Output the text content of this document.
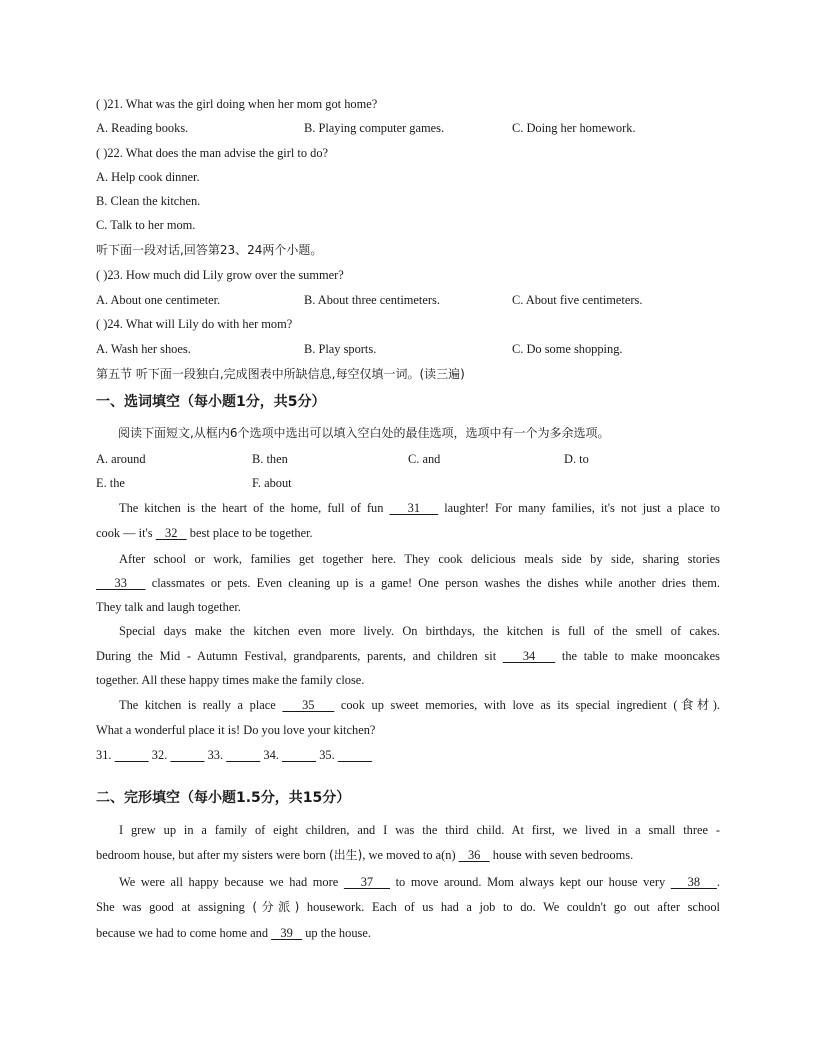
( )21. What was the girl doing when her mom got home?
A. Reading books.	B. Playing computer games.	C. Doing her homework.
( )22. What does the man advise the girl to do?
A. Help cook dinner.
B. Clean the kitchen.
C. Talk to her mom.
听下面一段对话,回答第23、24两个小题。
( )23. How much did Lily grow over the summer?
A. About one centimeter.	B. About three centimeters.	C. About five centimeters.
( )24. What will Lily do with her mom?
A. Wash her shoes.	B. Play sports.	C. Do some shopping.
第五节 听下面一段独白,完成图表中所缺信息,每空仅填一词。(读三遍)
一、选词填空（每小题1分，共5分）
阅读下面短文,从框内6个选项中选出可以填入空白处的最佳选项，选项中有一个为多余选项。
A. around	B. then	C. and	D. to
E. the	F. about
The kitchen is the heart of the home, full of fun    31    laughter! For many families, it's not just a place to
cook — it's    32    best place to be together.
After school or work, families get together here. They cook delicious meals side by side, sharing stories
33    classmates or pets. Even cleaning up is a game! One person washes the dishes while another dries them.
They talk and laugh together.
Special days make the kitchen even more lively. On birthdays, the kitchen is full of the smell of cakes.
During the Mid - Autumn Festival, grandparents, parents, and children sit    34    the table to make mooncakes
together. All these happy times make the family close.
The kitchen is really a place    35    cook up sweet memories, with love as its special ingredient (食材).
What a wonderful place it is! Do you love your kitchen?
31.	32.	33.	34.	35.
二、完形填空（每小题1.5分，共15分）
I grew up in a family of eight children, and I was the third child. At first, we lived in a small three -
bedroom house, but after my sisters were born (出生), we moved to a(n)    36    house with seven bedrooms.
We were all happy because we had more    37    to move around. Mom always kept our house very    38   .
She was good at assigning (分派) housework. Each of us had a job to do. We couldn't go out after school
because we had to come home and    39    up the house.
